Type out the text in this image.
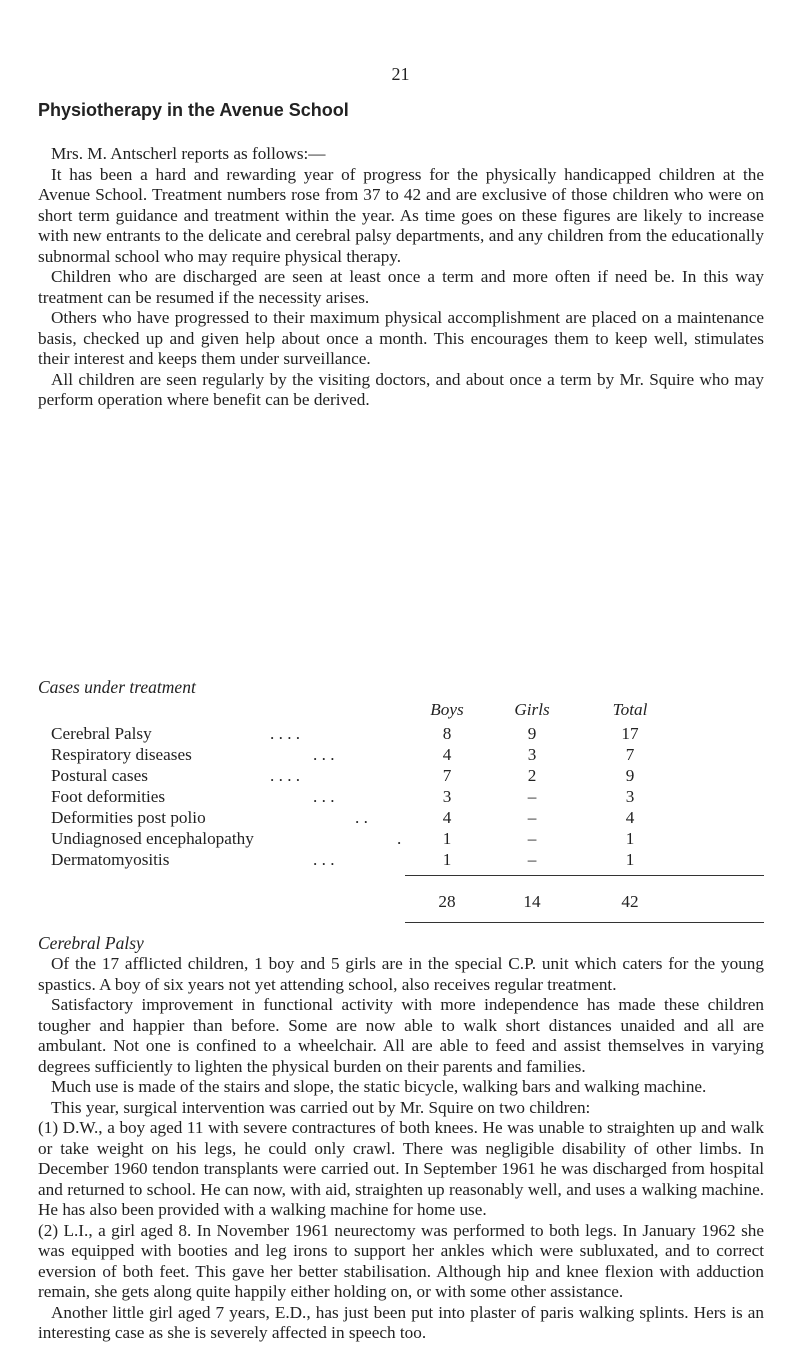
21
Physiotherapy in the Avenue School

Mrs. M. Antscherl reports as follows:—

It has been a hard and rewarding year of progress for the physically handicapped children at the Avenue School. Treatment numbers rose from 37 to 42 and are exclusive of those children who were on short term guidance and treatment within the year. As time goes on these figures are likely to increase with new entrants to the delicate and cerebral palsy departments, and any children from the educationally subnormal school who may require physical therapy.

Children who are discharged are seen at least once a term and more often if need be. In this way treatment can be resumed if the necessity arises.

Others who have progressed to their maximum physical accomplishment are placed on a maintenance basis, checked up and given help about once a month. This encourages them to keep well, stimulates their interest and keeps them under surveillance.

All children are seen regularly by the visiting doctors, and about once a term by Mr. Squire who may perform operation where benefit can be derived.

Cases under treatment
Boys	Girls	Total
Cerebral Palsy	. . . .	8	9	17
Respiratory diseases	. . .	4	3	7
Postural cases	. . . .	7	2	9
Foot deformities	. . .	3	–	3
Deformities post polio	. .	4	–	4
Undiagnosed encephalopathy	.	1	–	1
Dermatomyositis	. . .	1	–	1
28	14	42
Cerebral Palsy

Of the 17 afflicted children, 1 boy and 5 girls are in the special C.P. unit which caters for the young spastics. A boy of six years not yet attending school, also receives regular treatment.

Satisfactory improvement in functional activity with more independence has made these children tougher and happier than before. Some are now able to walk short distances unaided and all are ambulant. Not one is confined to a wheelchair. All are able to feed and assist themselves in varying degrees sufficiently to lighten the physical burden on their parents and families.

Much use is made of the stairs and slope, the static bicycle, walking bars and walking machine.

This year, surgical intervention was carried out by Mr. Squire on two children:

(1) D.W., a boy aged 11 with severe contractures of both knees. He was unable to straighten up and walk or take weight on his legs, he could only crawl. There was negligible disability of other limbs. In December 1960 tendon transplants were carried out. In September 1961 he was discharged from hospital and returned to school. He can now, with aid, straighten up reasonably well, and uses a walking machine. He has also been provided with a walking machine for home use.

(2) L.I., a girl aged 8. In November 1961 neurectomy was performed to both legs. In January 1962 she was equipped with booties and leg irons to support her ankles which were subluxated, and to correct eversion of both feet. This gave her better stabilisation. Although hip and knee flexion with adduction remain, she gets along quite happily either holding on, or with some other assistance.

Another little girl aged 7 years, E.D., has just been put into plaster of paris walking splints. Hers is an interesting case as she is severely affected in speech too.
